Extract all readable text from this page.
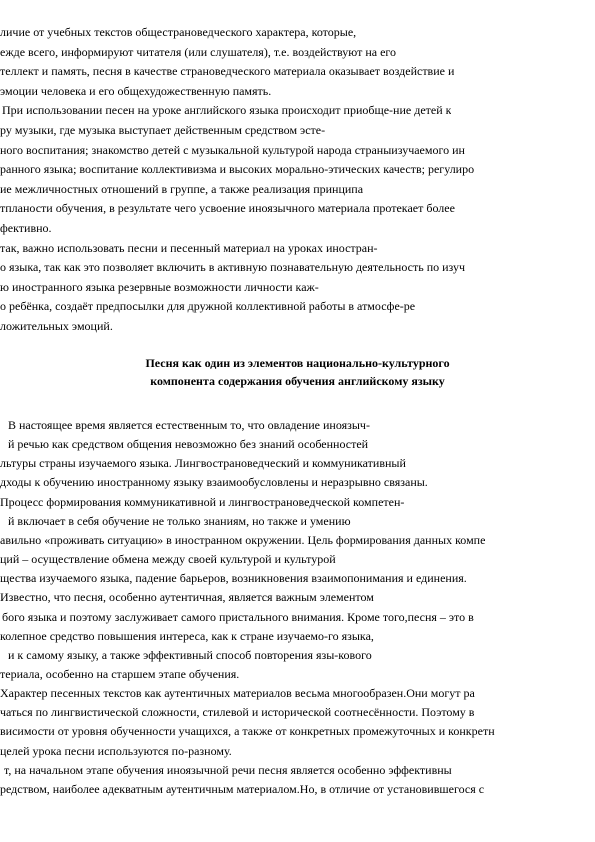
личие от учебных текстов общестрановедческого характера, которые,
ежде всего, информируют читателя (или слушателя), т.е. воздействуют на его
теллект и память, песня в качестве страноведческого материала оказывает воздействие и
эмоции человека и его общехудожественную память.
При использовании песен на уроке английского языка происходит приобще-ние детей к
ру музыки, где музыка выступает действенным средством эсте-
ного воспитания; знакомство детей с музыкальной культурой народа страныизучаемого ин
ранного языка; воспитание коллективизма и высоких морально-этических качеств; регулиро
ие межличностных отношений в группе, а также реализация принципа
тпланости обучения, в результате чего усвоение иноязычного материала протекает более
фективно.
так, важно использовать песни и песенный материал на уроках иностран-
о языка, так как это позволяет включить в активную познавательную деятельность по изуч
ю иностранного языка резервные возможности личности каж-
о ребёнка, создаёт предпосылки для дружной коллективной работы в атмосфе-ре
ложительных эмоций.
Песня как один из элементов национально-культурного
компонента содержания обучения английскому языку
В настоящее время является естественным то, что овладение иноязыч-
й речью как средством общения невозможно без знаний особенностей
льтуры страны изучаемого языка. Лингвострановедческий и коммуникативный
дходы к обучению иностранному языку взаимообусловлены и неразрывно связаны.
Процесс формирования коммуникативной и лингвострановедческой компетен-
й включает в себя обучение не только знаниям, но также и умению
авильно «проживать ситуацию» в иностранном окружении. Цель формирования данных компе
ций – осуществление обмена между своей культурой и культурой
щества изучаемого языка, падение барьеров, возникновения взаимопонимания и единения.
Известно, что песня, особенно аутентичная, является важным элементом
бого языка и поэтому заслуживает самого пристального внимания. Кроме того,песня – это в
колепное средство повышения интереса, как к стране изучаемо-го языка,
и к самому языку, а также эффективный способ повторения язы-кового
териала, особенно на старшем этапе обучения.
Характер песенных текстов как аутентичных материалов весьма многообразен.Они могут ра
чаться по лингвистической сложности, стилевой и исторической соотнесённости. Поэтому в
висимости от уровня обученности учащихся, а также от конкретных промежуточных и конкретн
целей урока песни используются по-разному.
т, на начальном этапе обучения иноязычной речи песня является особенно эффективны
редством, наиболее адекватным аутентичным материалом.Но, в отличие от установившегося с
